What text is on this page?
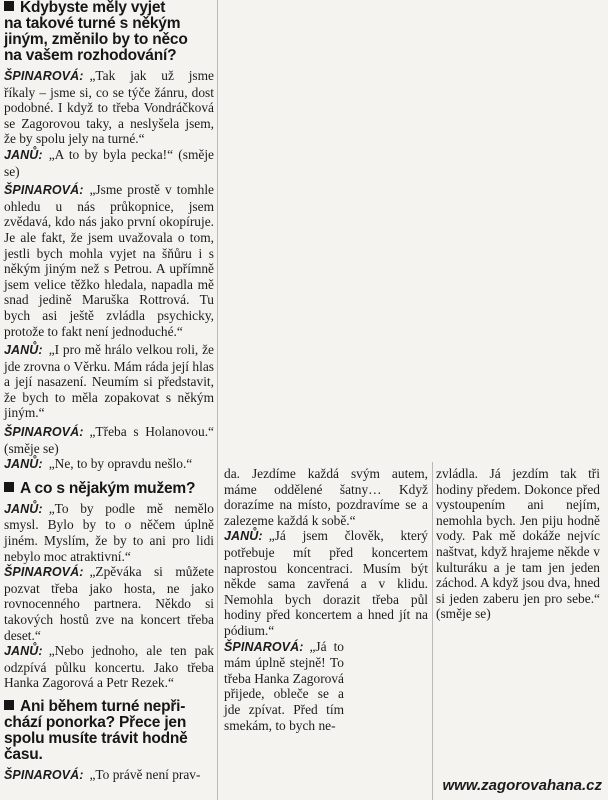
Kdybyste měly vyjet
na takové turné s někým
jiným, změnilo by to něco
na vašem rozhodování?

ŠPINAROVÁ: „Tak jak už jsme říkaly – jsme si, co se týče žánru, dost podobné. I když to třeba Vondráčková se Zagorovou taky, a neslyšela jsem, že by spolu jely na turné.“

JANŮ: „A to by byla pecka!“ (směje se)

ŠPINAROVÁ: „Jsme prostě v tomhle ohledu u nás průkopnice, jsem zvědavá, kdo nás jako první okopíruje. Je ale fakt, že jsem uvažovala o tom, jestli bych mohla vyjet na šňůru i s někým jiným než s Petrou. A upřímně jsem velice těžko hledala, napadla mě snad jedině Maruška Rottrová. Tu bych asi ještě zvládla psychicky, protože to fakt není jednoduché.“

JANŮ: „I pro mě hrálo velkou roli, že jde zrovna o Věrku. Mám ráda její hlas a její nasazení. Neumím si představit, že bych to měla zopakovat s někým jiným.“

ŠPINAROVÁ: „Třeba s Holanovou.“ (směje se)

JANŮ: „Ne, to by opravdu nešlo.“

A co s nějakým mužem?

JANŮ: „To by podle mě nemělo smysl. Bylo by to o něčem úplně jiném. Myslím, že by to ani pro lidi nebylo moc atraktivní.“

ŠPINAROVÁ: „Zpěváka si můžete pozvat třeba jako hosta, ne jako rovnocenného partnera. Někdo si takových hostů zve na koncert třeba deset.“

JANŮ: „Nebo jednoho, ale ten pak odzpívá půlku koncertu. Jako třeba Hanka Zagorová a Petr Rezek.“

Ani během turné nepři-
chází ponorka? Přece jen
spolu musíte trávit hodně
času.

ŠPINAROVÁ: „To právě není prav-

da. Jezdíme každá svým autem, máme oddělené šatny… Když dorazíme na místo, pozdravíme se a zalezeme každá k sobě.“

JANŮ: „Já jsem člověk, který potřebuje mít před koncertem naprostou koncentraci. Musím být někde sama zavřená a v klidu. Nemohla bych dorazit třeba půl hodiny před koncertem a hned jít na pódium.“

ŠPINAROVÁ: „Já to mám úplně stejně! To třeba Hanka Zagorová přijede, obleče se a jde zpívat. Před tím smekám, to bych ne-

zvládla. Já jezdím tak tři hodiny předem. Dokonce před vystoupením ani nejím, nemohla bych. Jen piju hodně vody. Pak mě dokáže nejvíc naštvat, když hrajeme někde v kulturáku a je tam jen jeden záchod. A když jsou dva, hned si jeden zaberu jen pro sebe.“ (směje se)

www.zagorovahana.cz
